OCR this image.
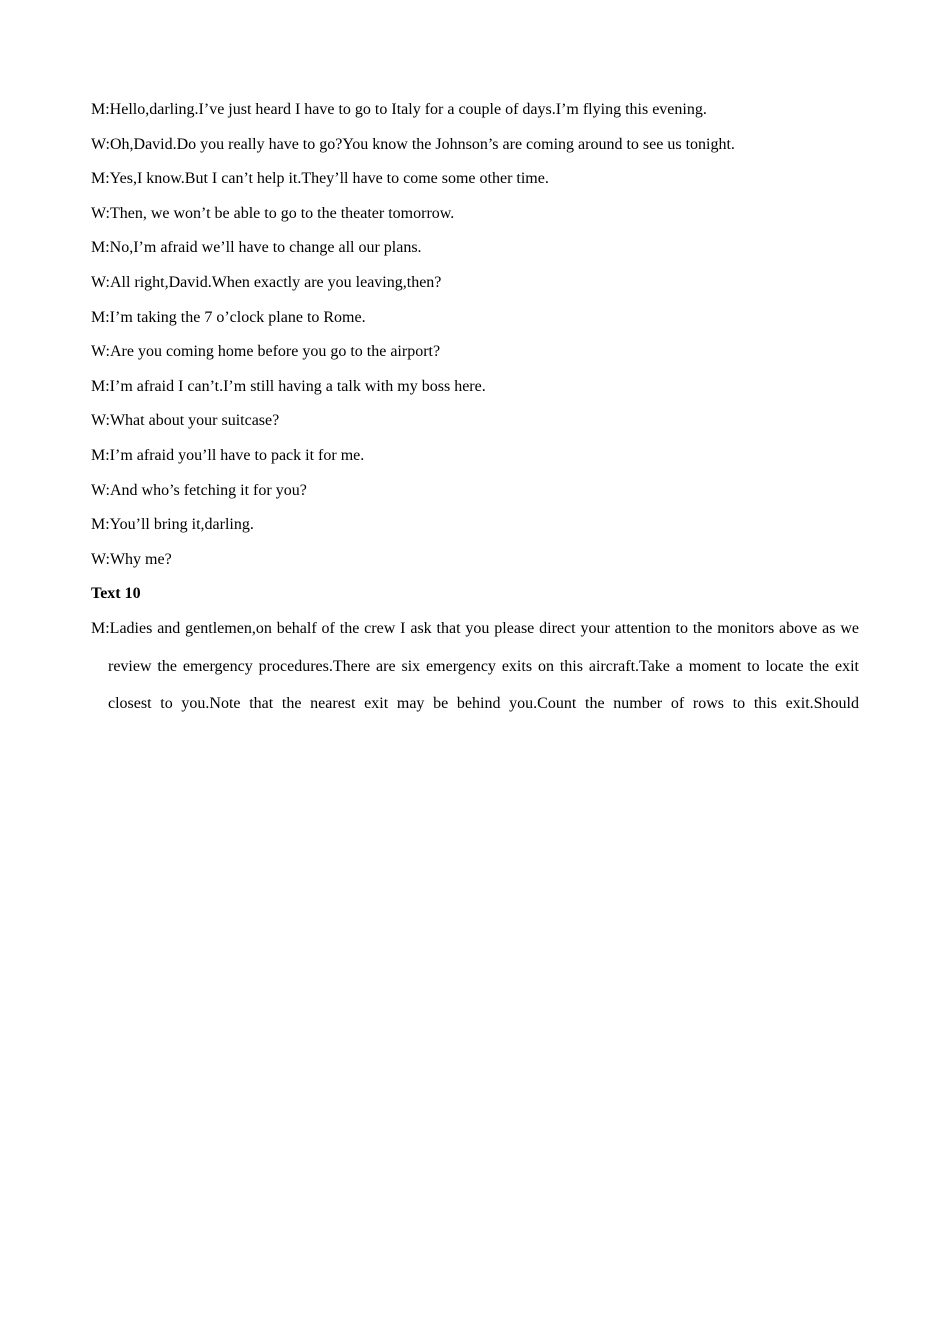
M:Hello,darling.I’ve just heard I have to go to Italy for a couple of days.I’m flying this evening.
W:Oh,David.Do you really have to go?You know the Johnson’s are coming around to see us tonight.
M:Yes,I know.But I can’t help it.They’ll have to come some other time.
W:Then, we won’t be able to go to the theater tomorrow.
M:No,I’m afraid we’ll have to change all our plans.
W:All right,David.When exactly are you leaving,then?
M:I’m taking the 7 o’clock plane to Rome.
W:Are you coming home before you go to the airport?
M:I’m afraid I can’t.I’m still having a talk with my boss here.
W:What about your suitcase?
M:I’m afraid you’ll have to pack it for me.
W:And who’s fetching it for you?
M:You’ll bring it,darling.
W:Why me?
Text 10
M:Ladies and gentlemen,on behalf of the crew I ask that you please direct your attention to the monitors above as we review the emergency procedures.There are six emergency exits on this aircraft.Take a moment to locate the exit closest to you.Note that the nearest exit may be behind you.Count the number of rows to this exit.Should
